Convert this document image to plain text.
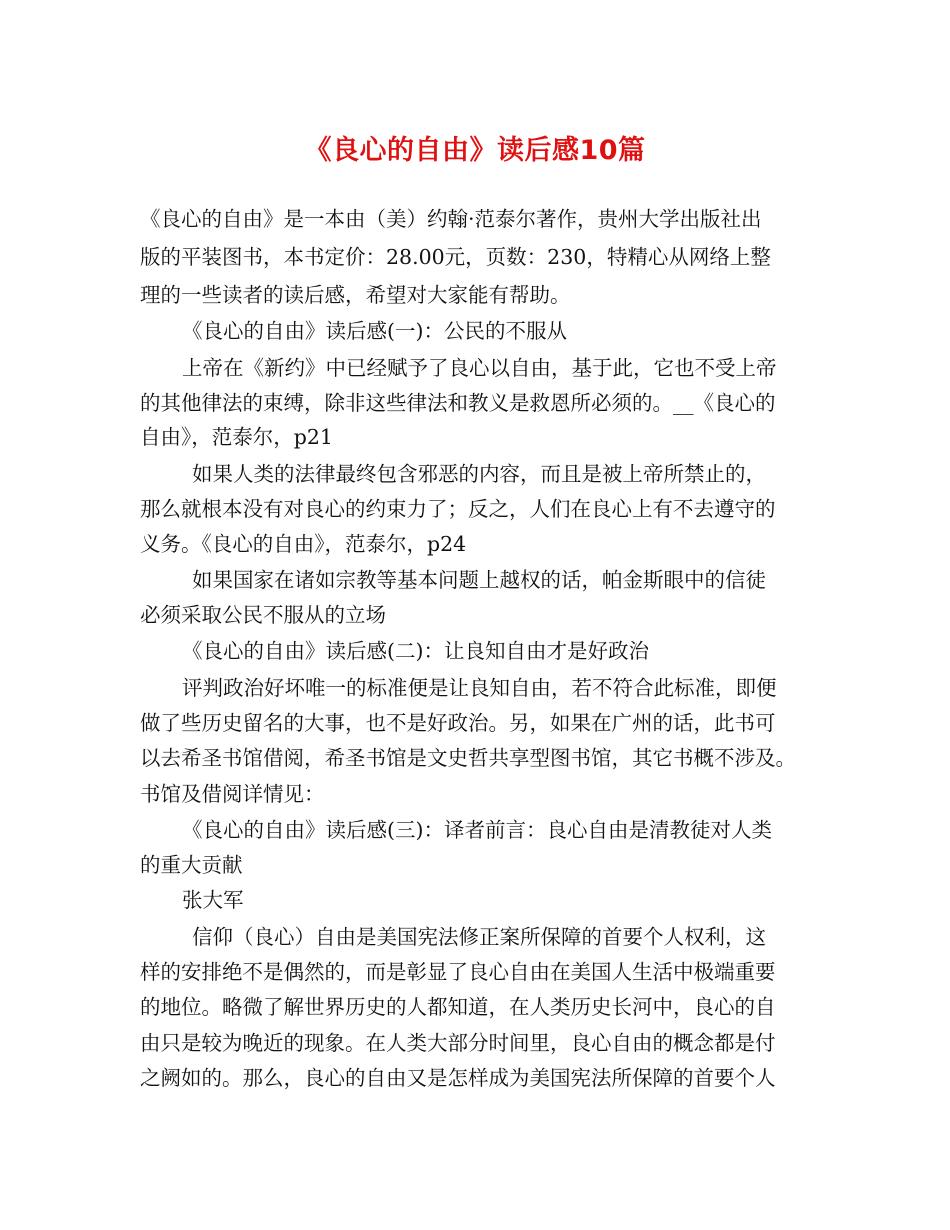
《良心的自由》读后感10篇
《良心的自由》是一本由（美）约翰·范泰尔著作，贵州大学出版社出
版的平装图书，本书定价：28.00元，页数：230，特精心从网络上整
理的一些读者的读后感，希望对大家能有帮助。
《良心的自由》读后感(一)：公民的不服从
上帝在《新约》中已经赋予了良心以自由，基于此，它也不受上帝
的其他律法的束缚，除非这些律法和教义是救恩所必须的。__《良心的
自由》，范泰尔，p21
如果人类的法律最终包含邪恶的内容，而且是被上帝所禁止的，
那么就根本没有对良心的约束力了；反之，人们在良心上有不去遵守的
义务。《良心的自由》，范泰尔，p24
如果国家在诸如宗教等基本问题上越权的话，帕金斯眼中的信徒
必须采取公民不服从的立场
《良心的自由》读后感(二)：让良知自由才是好政治
评判政治好坏唯一的标准便是让良知自由，若不符合此标准，即便
做了些历史留名的大事，也不是好政治。另，如果在广州的话，此书可
以去希圣书馆借阅，希圣书馆是文史哲共享型图书馆，其它书概不涉及。
书馆及借阅详情见：
《良心的自由》读后感(三)：译者前言：良心自由是清教徒对人类
的重大贡献
张大军
信仰（良心）自由是美国宪法修正案所保障的首要个人权利，这
样的安排绝不是偶然的，而是彰显了良心自由在美国人生活中极端重要
的地位。略微了解世界历史的人都知道，在人类历史长河中，良心的自
由只是较为晚近的现象。在人类大部分时间里，良心自由的概念都是付
之阙如的。那么，良心的自由又是怎样成为美国宪法所保障的首要个人
